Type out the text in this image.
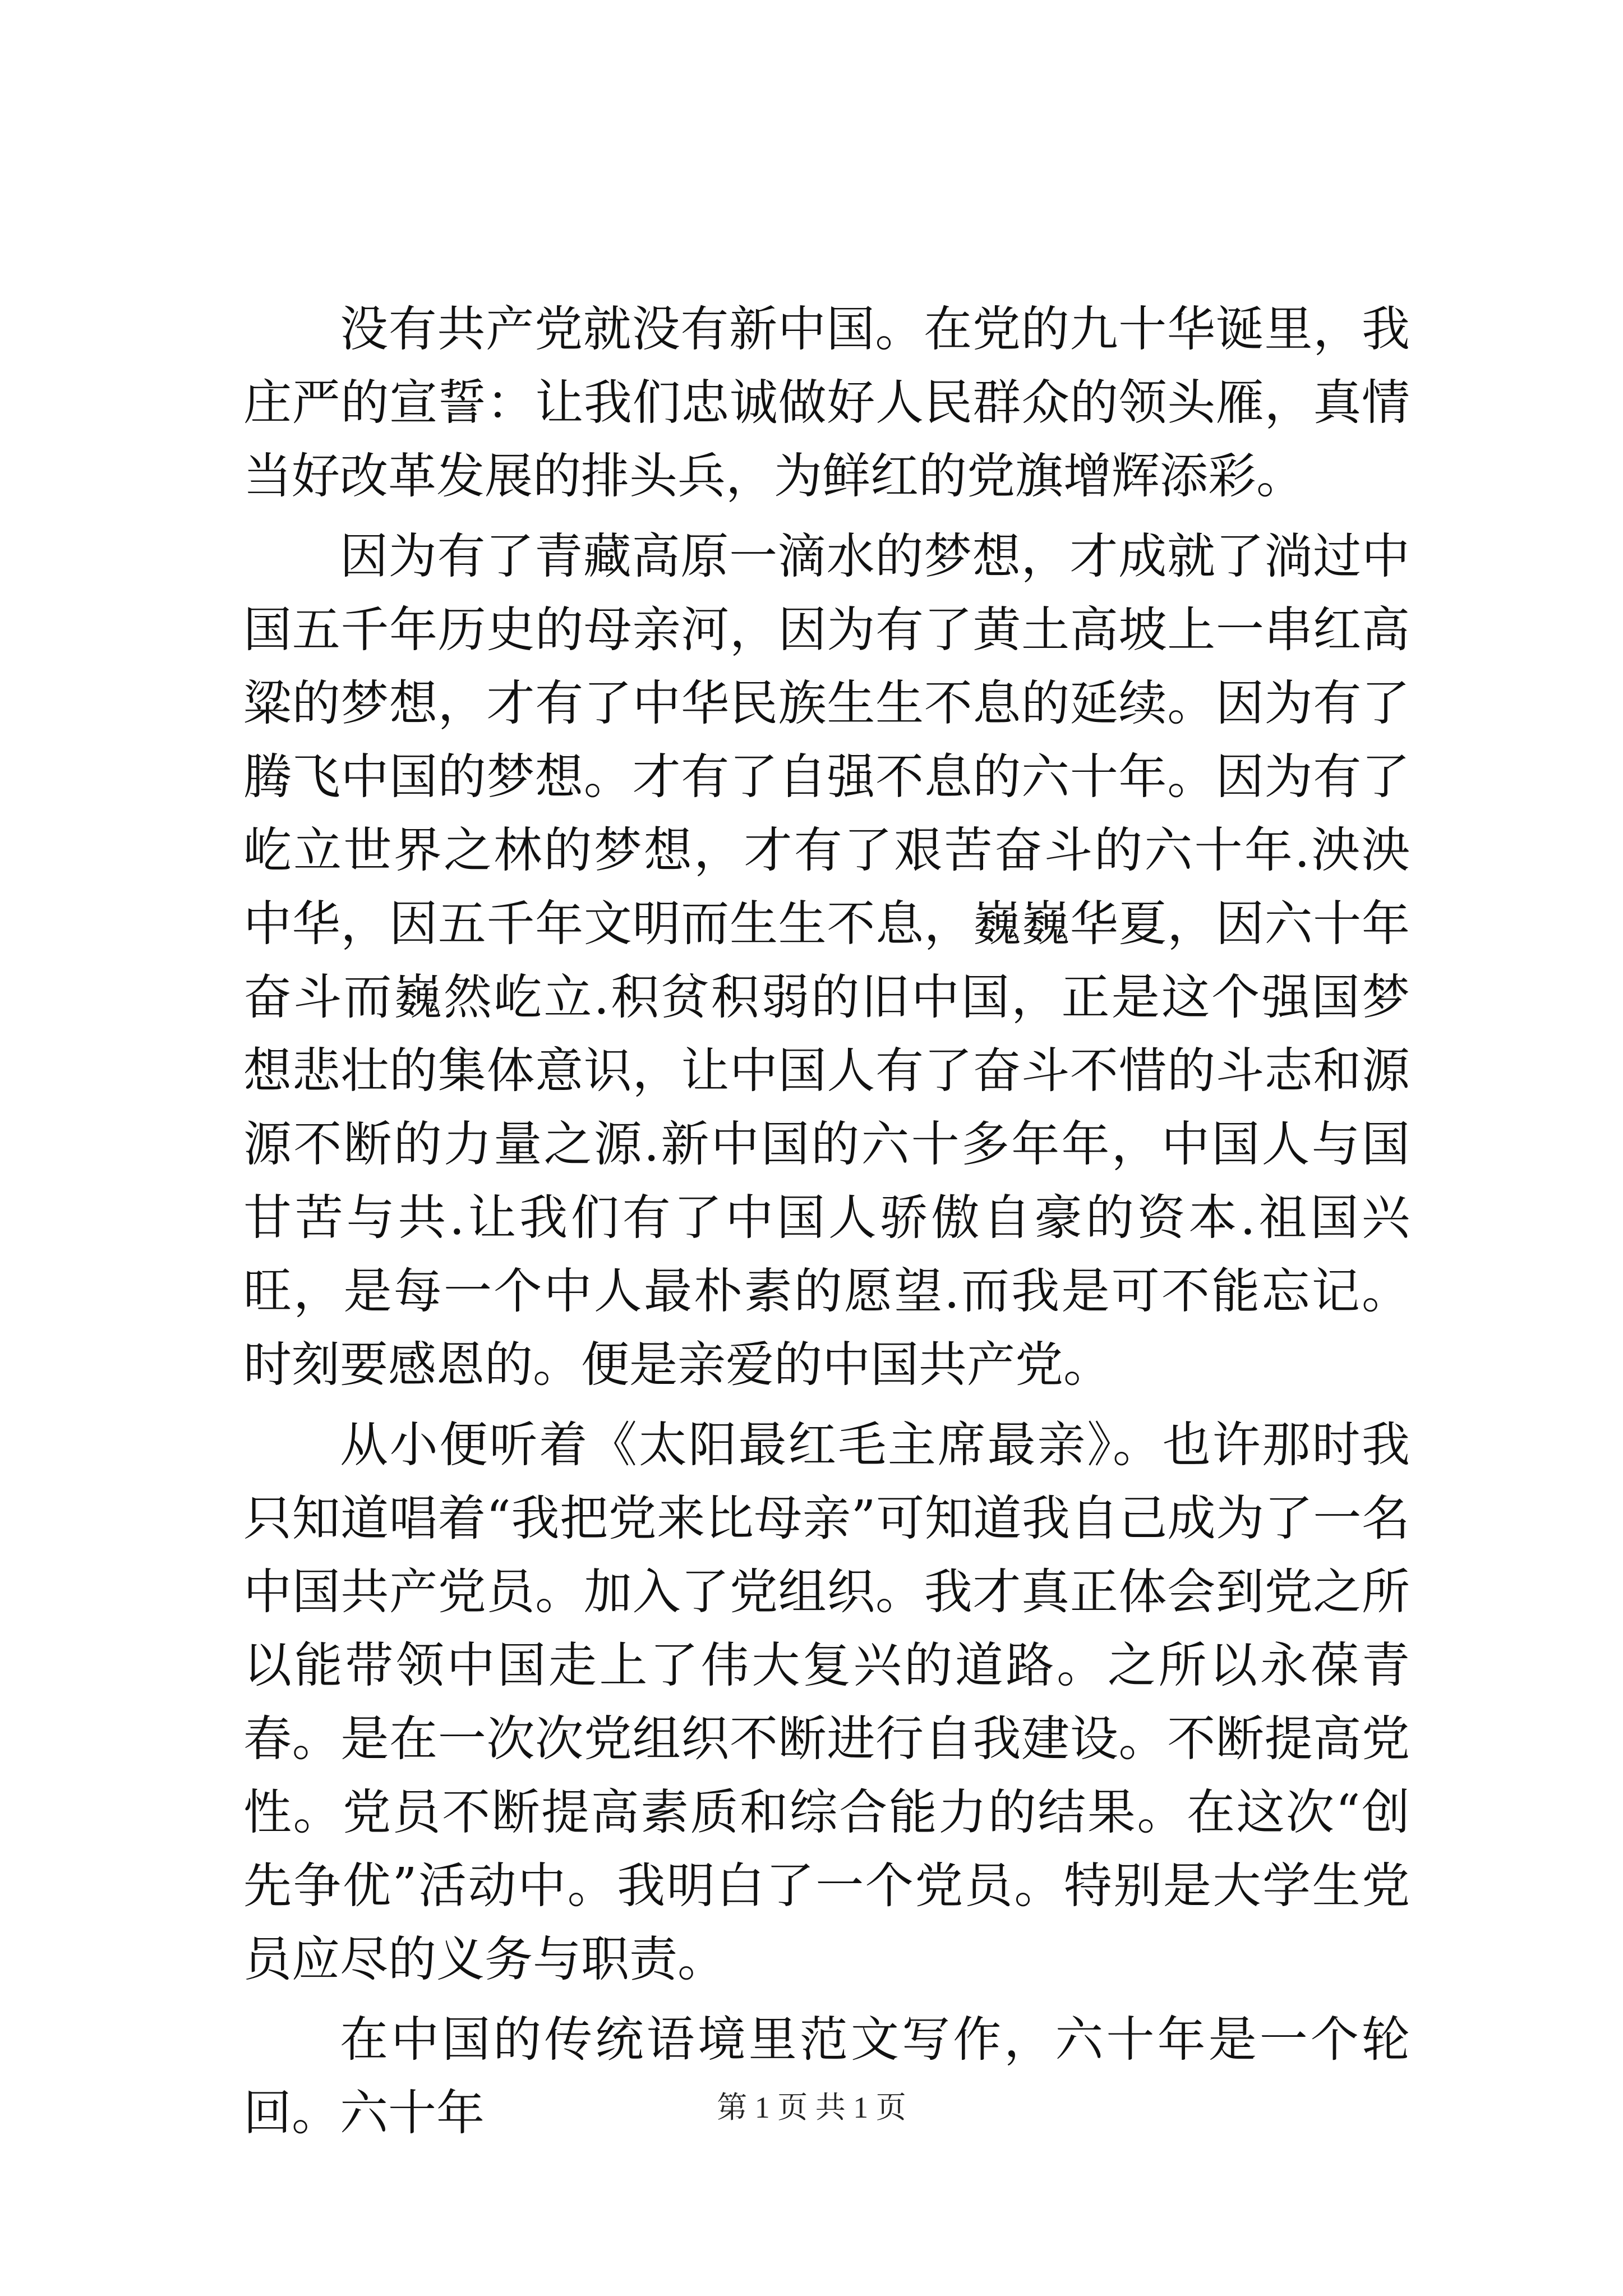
没有共产党就没有新中国。在党的九十华诞里，我庄严的宣誓：让我们忠诚做好人民群众的领头雁，真情当好改革发展的排头兵，为鲜红的党旗增辉添彩。

因为有了青藏高原一滴水的梦想，才成就了淌过中国五千年历史的母亲河，因为有了黄土高坡上一串红高粱的梦想，才有了中华民族生生不息的延续。因为有了腾飞中国的梦想。才有了自强不息的六十年。因为有了屹立世界之林的梦想，才有了艰苦奋斗的六十年.泱泱中华，因五千年文明而生生不息，巍巍华夏，因六十年奋斗而巍然屹立.积贫积弱的旧中国，正是这个强国梦想悲壮的集体意识，让中国人有了奋斗不惜的斗志和源源不断的力量之源.新中国的六十多年年，中国人与国甘苦与共.让我们有了中国人骄傲自豪的资本.祖国兴旺，是每一个中人最朴素的愿望.而我是可不能忘记。时刻要感恩的。便是亲爱的中国共产党。

从小便听着《太阳最红毛主席最亲》。也许那时我只知道唱着“我把党来比母亲”可知道我自己成为了一名中国共产党员。加入了党组织。我才真正体会到党之所以能带领中国走上了伟大复兴的道路。之所以永葆青春。是在一次次党组织不断进行自我建设。不断提高党性。党员不断提高素质和综合能力的结果。在这次“创先争优”活动中。我明白了一个党员。特别是大学生党员应尽的义务与职责。

在中国的传统语境里范文写作，六十年是一个轮回。六十年	第 1 页 共 1 页
